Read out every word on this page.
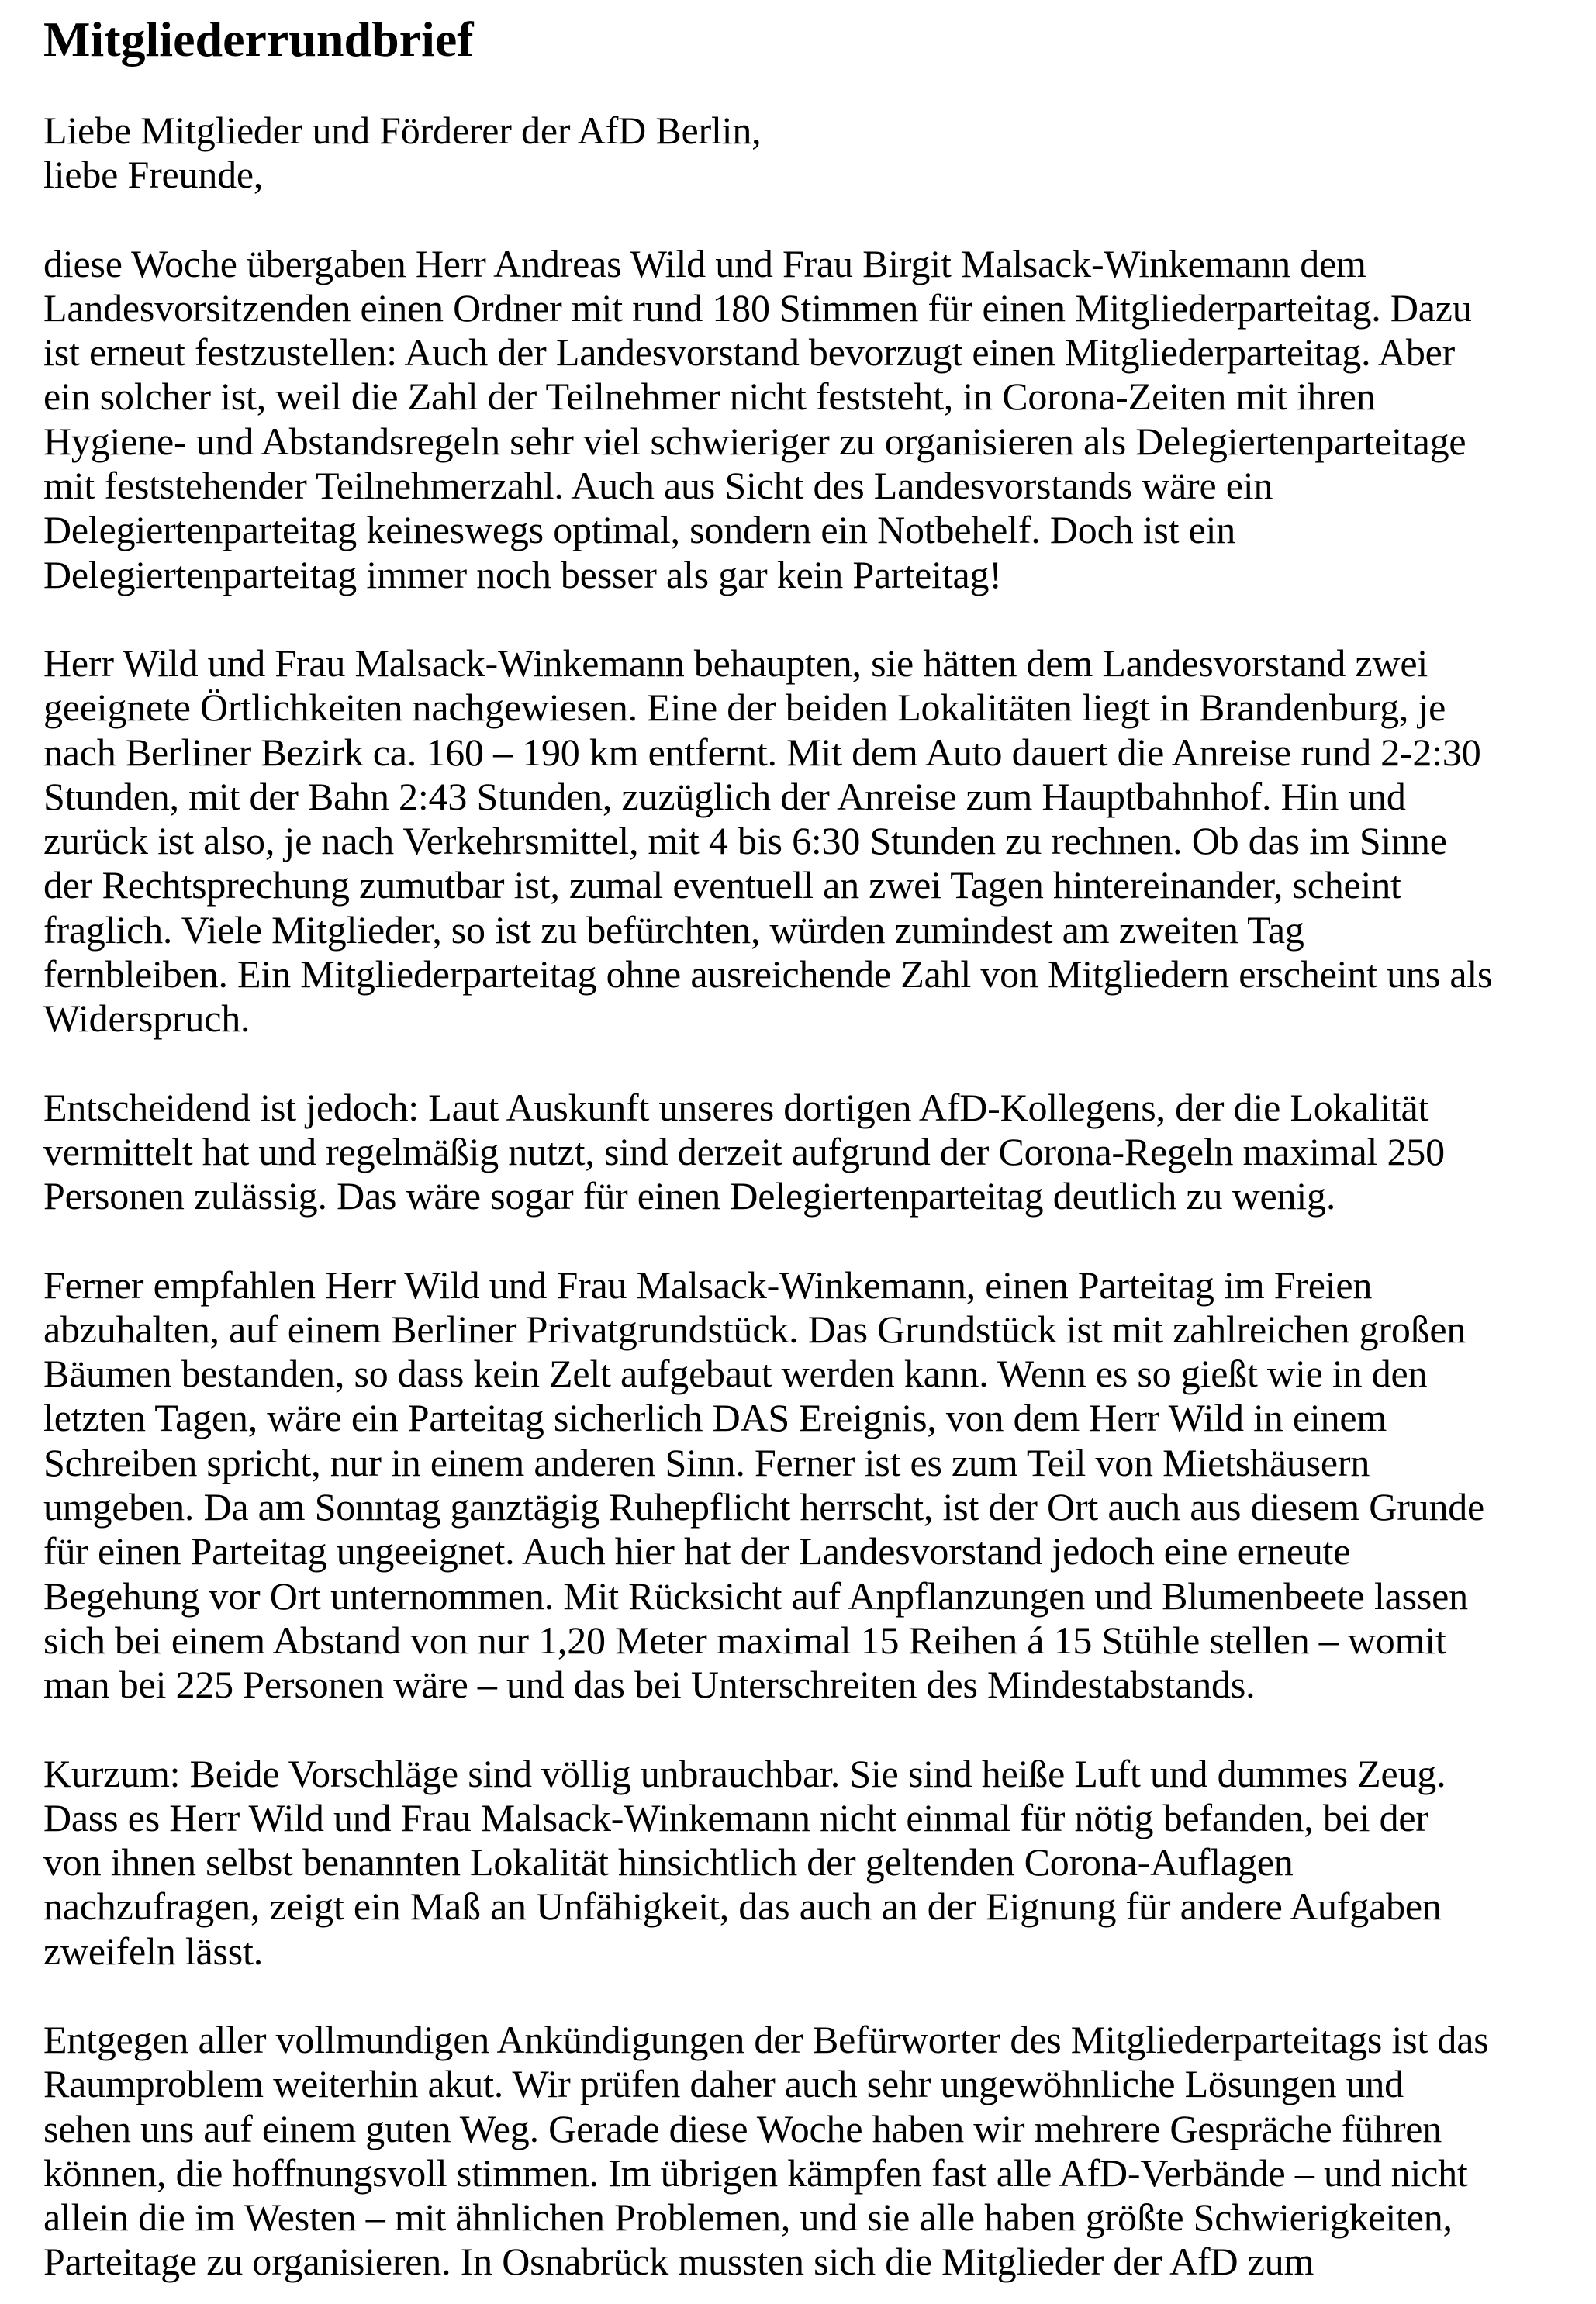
Mitgliederrundbrief

Liebe Mitglieder und Förderer der AfD Berlin,
liebe Freunde,

diese Woche übergaben Herr Andreas Wild und Frau Birgit Malsack-Winkemann dem
Landesvorsitzenden einen Ordner mit rund 180 Stimmen für einen Mitgliederparteitag. Dazu
ist erneut festzustellen: Auch der Landesvorstand bevorzugt einen Mitgliederparteitag. Aber
ein solcher ist, weil die Zahl der Teilnehmer nicht feststeht, in Corona-Zeiten mit ihren
Hygiene- und Abstandsregeln sehr viel schwieriger zu organisieren als Delegiertenparteitage
mit feststehender Teilnehmerzahl. Auch aus Sicht des Landesvorstands wäre ein
Delegiertenparteitag keineswegs optimal, sondern ein Notbehelf. Doch ist ein
Delegiertenparteitag immer noch besser als gar kein Parteitag!

Herr Wild und Frau Malsack-Winkemann behaupten, sie hätten dem Landesvorstand zwei
geeignete Örtlichkeiten nachgewiesen. Eine der beiden Lokalitäten liegt in Brandenburg, je
nach Berliner Bezirk ca. 160 – 190 km entfernt. Mit dem Auto dauert die Anreise rund 2-2:30
Stunden, mit der Bahn 2:43 Stunden, zuzüglich der Anreise zum Hauptbahnhof. Hin und
zurück ist also, je nach Verkehrsmittel, mit 4 bis 6:30 Stunden zu rechnen. Ob das im Sinne
der Rechtsprechung zumutbar ist, zumal eventuell an zwei Tagen hintereinander, scheint
fraglich. Viele Mitglieder, so ist zu befürchten, würden zumindest am zweiten Tag
fernbleiben. Ein Mitgliederparteitag ohne ausreichende Zahl von Mitgliedern erscheint uns als
Widerspruch.

Entscheidend ist jedoch: Laut Auskunft unseres dortigen AfD-Kollegens, der die Lokalität
vermittelt hat und regelmäßig nutzt, sind derzeit aufgrund der Corona-Regeln maximal 250
Personen zulässig. Das wäre sogar für einen Delegiertenparteitag deutlich zu wenig.

Ferner empfahlen Herr Wild und Frau Malsack-Winkemann, einen Parteitag im Freien
abzuhalten, auf einem Berliner Privatgrundstück. Das Grundstück ist mit zahlreichen großen
Bäumen bestanden, so dass kein Zelt aufgebaut werden kann. Wenn es so gießt wie in den
letzten Tagen, wäre ein Parteitag sicherlich DAS Ereignis, von dem Herr Wild in einem
Schreiben spricht, nur in einem anderen Sinn. Ferner ist es zum Teil von Mietshäusern
umgeben. Da am Sonntag ganztägig Ruhepflicht herrscht, ist der Ort auch aus diesem Grunde
für einen Parteitag ungeeignet. Auch hier hat der Landesvorstand jedoch eine erneute
Begehung vor Ort unternommen. Mit Rücksicht auf Anpflanzungen und Blumenbeete lassen
sich bei einem Abstand von nur 1,20 Meter maximal 15 Reihen á 15 Stühle stellen – womit
man bei 225 Personen wäre – und das bei Unterschreiten des Mindestabstands.

Kurzum: Beide Vorschläge sind völlig unbrauchbar. Sie sind heiße Luft und dummes Zeug.
Dass es Herr Wild und Frau Malsack-Winkemann nicht einmal für nötig befanden, bei der
von ihnen selbst benannten Lokalität hinsichtlich der geltenden Corona-Auflagen
nachzufragen, zeigt ein Maß an Unfähigkeit, das auch an der Eignung für andere Aufgaben
zweifeln lässt.

Entgegen aller vollmundigen Ankündigungen der Befürworter des Mitgliederparteitags ist das
Raumproblem weiterhin akut. Wir prüfen daher auch sehr ungewöhnliche Lösungen und
sehen uns auf einem guten Weg. Gerade diese Woche haben wir mehrere Gespräche führen
können, die hoffnungsvoll stimmen. Im übrigen kämpfen fast alle AfD-Verbände – und nicht
allein die im Westen – mit ähnlichen Problemen, und sie alle haben größte Schwierigkeiten,
Parteitage zu organisieren. In Osnabrück mussten sich die Mitglieder der AfD zum
